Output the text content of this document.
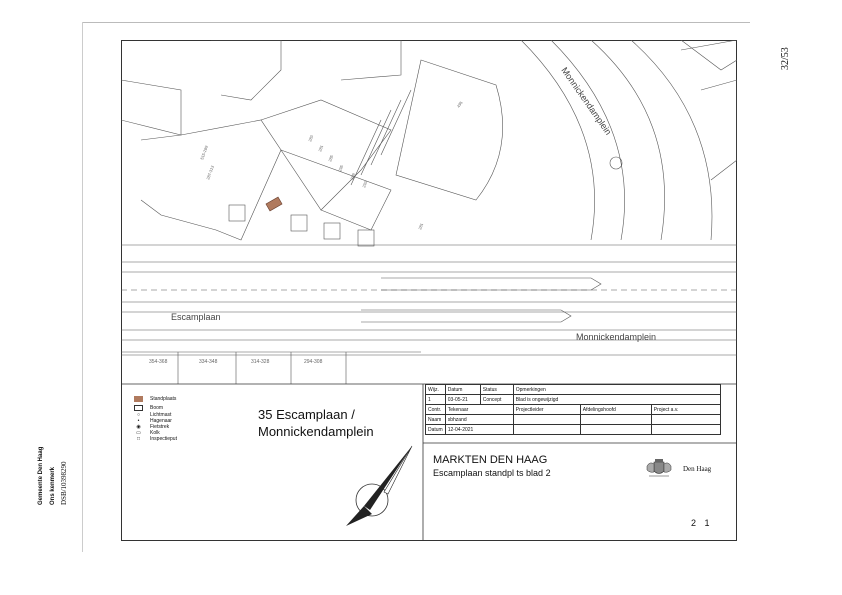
32/53
Gemeente Den Haag Ons kenmerk DSB/10398290
Monnickendamplein
Escamplaan
Monnickendamplein
287-313
515-289
283
281
285
295
289
293
281
495
354-368	334-348	314-328	294-308
Standplaats
Boom
○	Lichtmast
•	Hagenaar
◉	Fietstrek
▭	Kolk
□	Inspectieput
35 Escamplaan /
Monnickendamplein
Wijz.	Datum	Status	Opmerkingen		
1	03-05-21	Concept	Blad is ongewijzigd		
Contr.	Tekenaar		Projectleider	Afdelingshoofd	Project a.v.
Naam	sbhzand				
Datum	12-04-2021				
MARKTEN DEN HAAG
Escamplaan standpl ts blad 2	Den Haag
2 1
